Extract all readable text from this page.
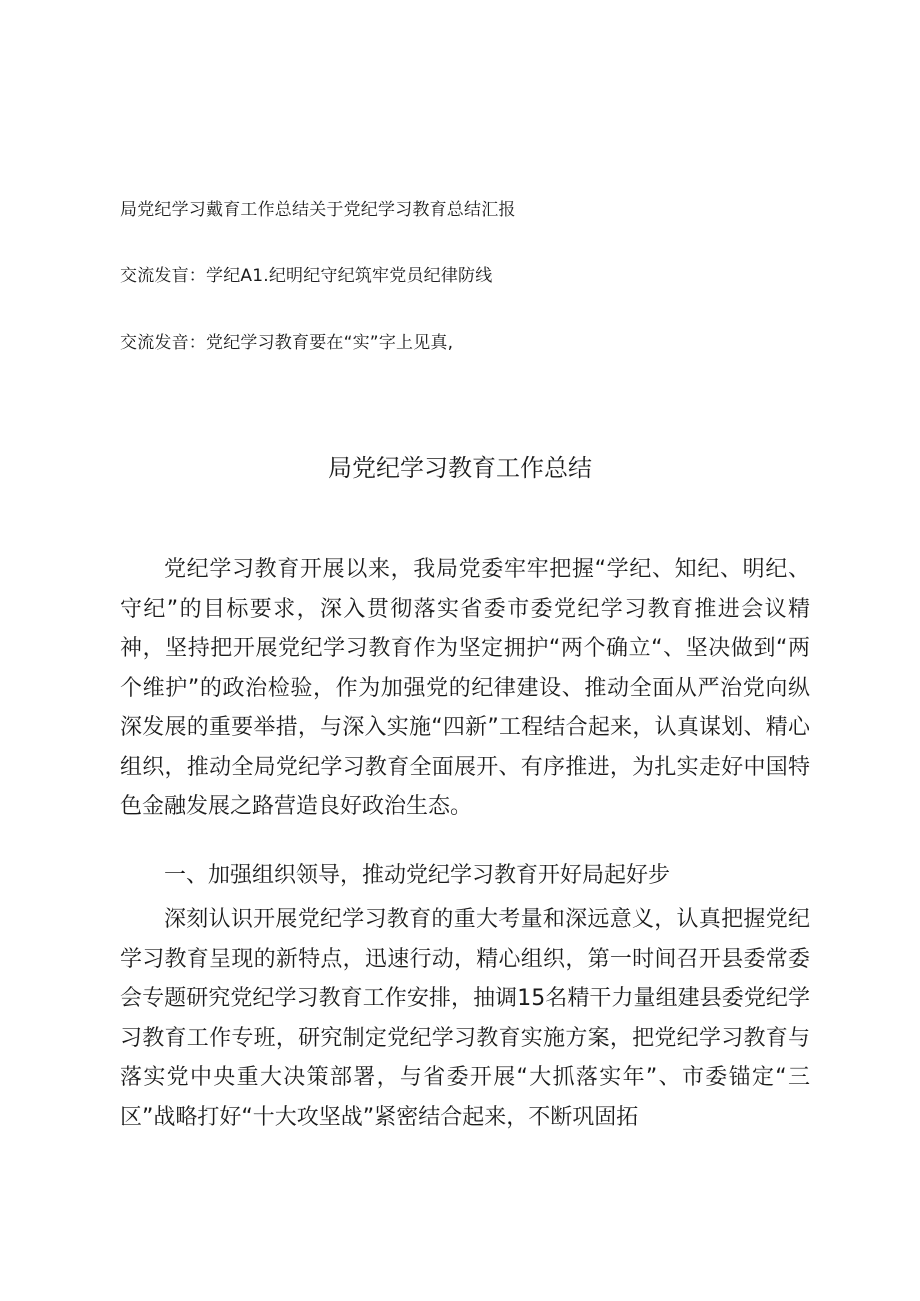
局党纪学习戴育工作总结关于党纪学习教育总结汇报
交流发盲：学纪A1.纪明纪守纪筑牢党员纪律防线
交流发音：党纪学习教育要在“实”字上见真,
局党纪学习教育工作总结

党纪学习教育开展以来，我局党委牢牢把握“学纪、知纪、明纪、守纪”的目标要求，深入贯彻落实省委市委党纪学习教育推进会议精神，坚持把开展党纪学习教育作为坚定拥护“两个确立“、坚决做到“两个维护”的政治检验，作为加强党的纪律建设、推动全面从严治党向纵深发展的重要举措，与深入实施“四新”工程结合起来，认真谋划、精心组织，推动全局党纪学习教育全面展开、有序推进，为扎实走好中国特色金融发展之路营造良好政治生态。

一、加强组织领导，推动党纪学习教育开好局起好步

深刻认识开展党纪学习教育的重大考量和深远意义，认真把握党纪学习教育呈现的新特点，迅速行动，精心组织，第一时间召开县委常委会专题研究党纪学习教育工作安排，抽调15名精干力量组建县委党纪学习教育工作专班，研究制定党纪学习教育实施方案，把党纪学习教育与落实党中央重大决策部署，与省委开展“大抓落实年”、市委锚定“三区”战略打好“十大攻坚战”紧密结合起来，不断巩固拓
